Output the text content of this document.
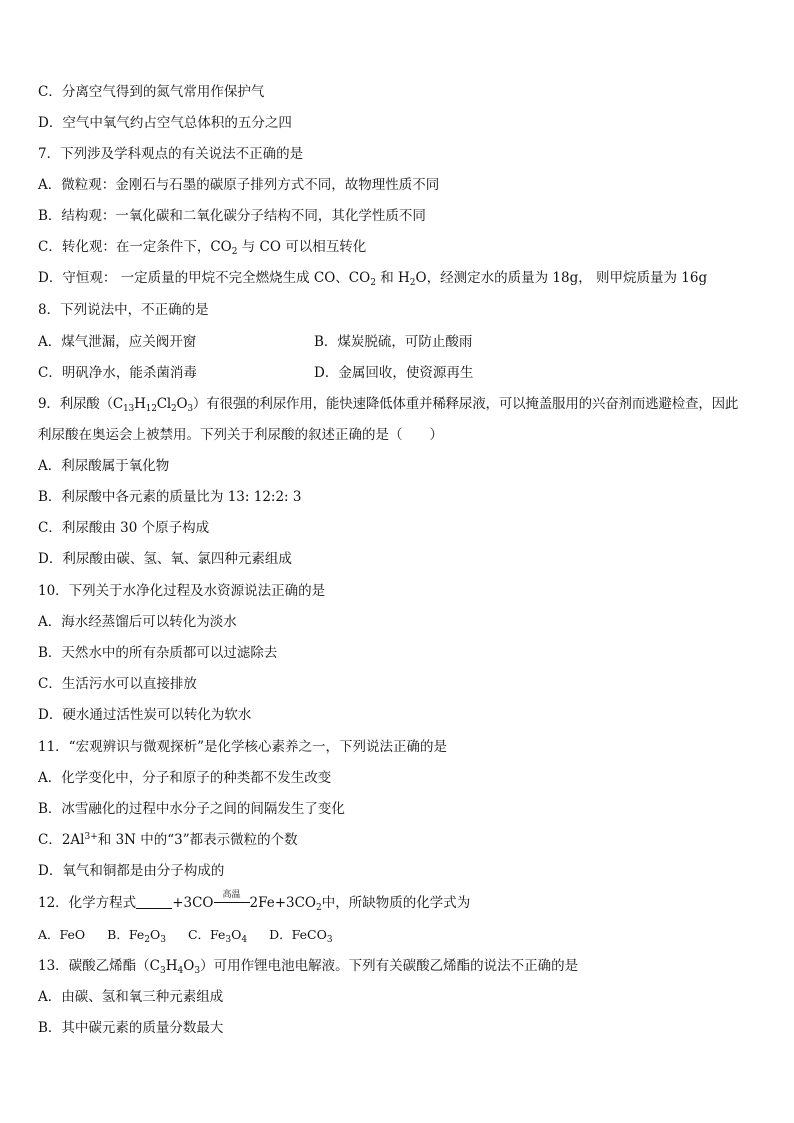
C．分离空气得到的氮气常用作保护气
D．空气中氧气约占空气总体积的五分之四
7．下列涉及学科观点的有关说法不正确的是
A．微粒观：金刚石与石墨的碳原子排列方式不同，故物理性质不同
B．结构观：一氧化碳和二氧化碳分子结构不同，其化学性质不同
C．转化观：在一定条件下，$CO_2$ 与 CO 可以相互转化
D．守恒观： 一定质量的甲烷不完全燃烧生成 CO、$CO_2$ 和 $H_2O$，经测定水的质量为 18g， 则甲烷质量为 16g
8．下列说法中，不正确的是
A．煤气泄漏，应关阀开窗	B．煤炭脱硫，可防止酸雨
C．明矾净水，能杀菌消毒	D．金属回收，使资源再生
9．利尿酸$(C_{13}H_{12}Cl_2O_3)$有很强的利尿作用，能快速降低体重并稀释尿液，可以掩盖服用的兴奋剂而逃避检查，因此
利尿酸在奥运会上被禁用。下列关于利尿酸的叙述正确的是（　　）
A．利尿酸属于氧化物
B．利尿酸中各元素的质量比为 13: 12:2: 3
C．利尿酸由 30 个原子构成
D．利尿酸由碳、氢、氧、氯四种元素组成
10．下列关于水净化过程及水资源说法正确的是
A．海水经蒸馏后可以转化为淡水
B．天然水中的所有杂质都可以过滤除去
C．生活污水可以直接排放
D．硬水通过活性炭可以转化为软水
11．“宏观辨识与微观探析”是化学核心素养之一，下列说法正确的是
A．化学变化中，分子和原子的种类都不发生改变
B．冰雪融化的过程中水分子之间的间隔发生了变化
C．$2Al^{3+}$和 3N 中的“3”都表示微粒的个数
D．氧气和铜都是由分子构成的
12．化学方程式	+3CO 高温 $2Fe+3CO_2$中，所缺物质的化学式为
A．FeO B．$Fe_2O_3$ C．$Fe_3O_4$ D．FeCO$_3$
13．碳酸乙烯酯$(C_3H_4O_3)$可用作锂电池电解液。下列有关碳酸乙烯酯的说法不正确的是
A．由碳、氢和氧三种元素组成
B．其中碳元素的质量分数最大
